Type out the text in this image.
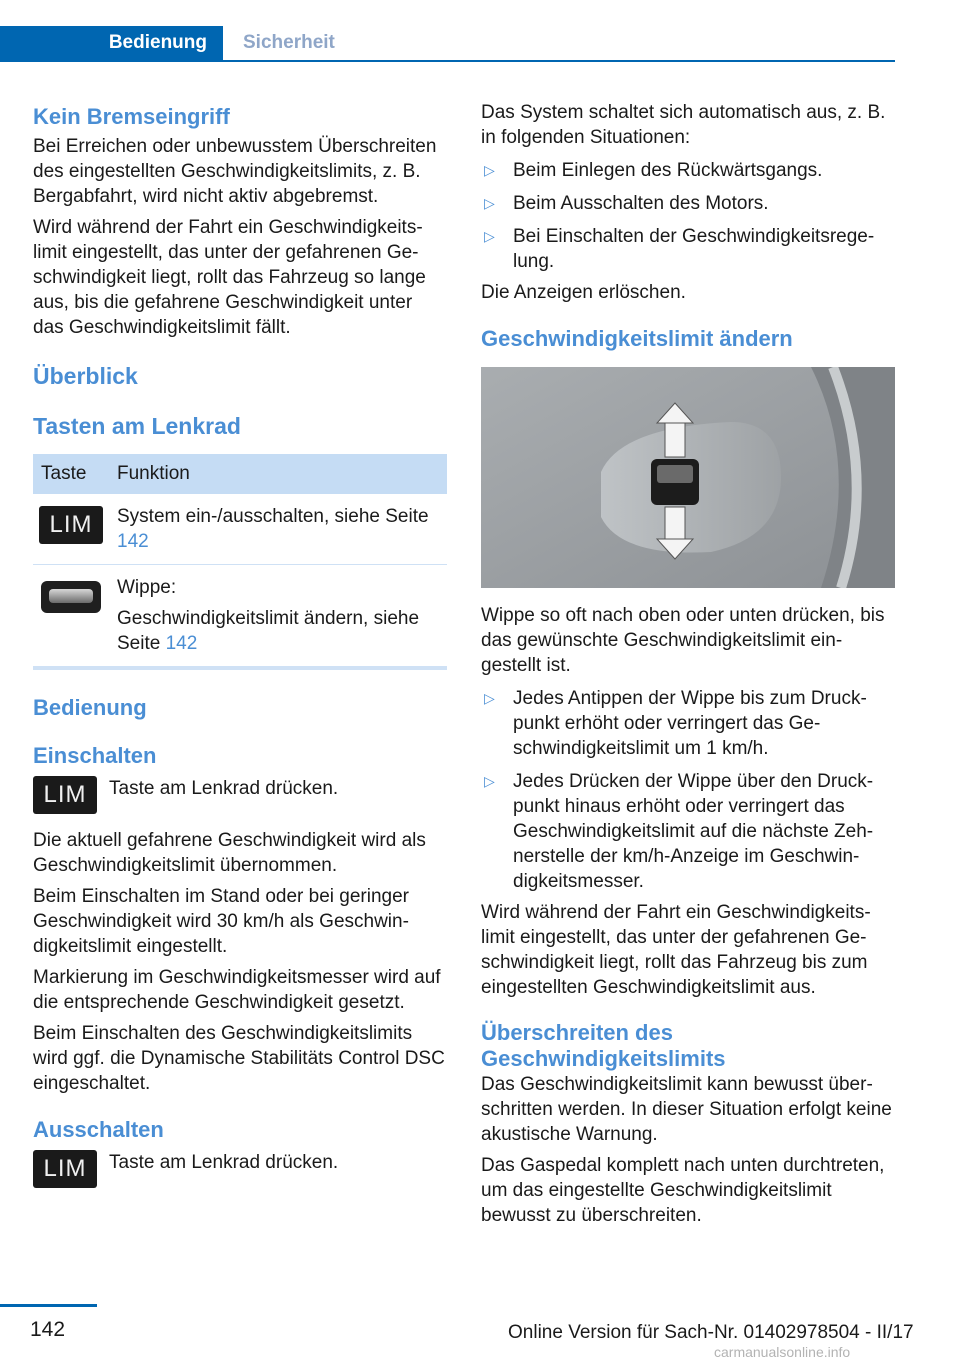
Bedienung	Sicherheit
Kein Bremseingriff

Bei Erreichen oder unbewusstem Überschreiten des eingestellten Geschwindigkeitslimits, z. B. Bergabfahrt, wird nicht aktiv abgebremst.

Wird während der Fahrt ein Geschwindigkeitslimit eingestellt, das unter der gefahrenen Geschwindigkeit liegt, rollt das Fahrzeug so lange aus, bis die gefahrene Geschwindigkeit unter das Geschwindigkeitslimit fällt.

Überblick
Tasten am Lenkrad
Taste	Funktion
LIM	System ein-/ausschalten, siehe Seite 142

Wippe:

Geschwindigkeitslimit ändern, siehe Seite 142

Bedienung
Einschalten
LIM	Taste am Lenkrad drücken.

Die aktuell gefahrene Geschwindigkeit wird als Geschwindigkeitslimit übernommen.

Beim Einschalten im Stand oder bei geringer Geschwindigkeit wird 30 km/h als Geschwindigkeitslimit eingestellt.

Markierung im Geschwindigkeitsmesser wird auf die entsprechende Geschwindigkeit gesetzt.

Beim Einschalten des Geschwindigkeitslimits wird ggf. die Dynamische Stabilitäts Control DSC eingeschaltet.

Ausschalten
LIM	Taste am Lenkrad drücken.

Das System schaltet sich automatisch aus, z. B. in folgenden Situationen:

▷ Beim Einlegen des Rückwärtsgangs.

▷ Beim Ausschalten des Motors.

▷ Bei Einschalten der Geschwindigkeitsregelung.

Die Anzeigen erlöschen.

Geschwindigkeitslimit ändern

Wippe so oft nach oben oder unten drücken, bis das gewünschte Geschwindigkeitslimit eingestellt ist.

▷ Jedes Antippen der Wippe bis zum Druckpunkt erhöht oder verringert das Geschwindigkeitslimit um 1 km/h.

▷ Jedes Drücken der Wippe über den Druckpunkt hinaus erhöht oder verringert das Geschwindigkeitslimit auf die nächste Zehnerstelle der km/h-Anzeige im Geschwindigkeitsmesser.

Wird während der Fahrt ein Geschwindigkeitslimit eingestellt, das unter der gefahrenen Geschwindigkeit liegt, rollt das Fahrzeug bis zum eingestellten Geschwindigkeitslimit aus.

Überschreiten des
Geschwindigkeitslimits

Das Geschwindigkeitslimit kann bewusst überschritten werden. In dieser Situation erfolgt keine akustische Warnung.

Das Gaspedal komplett nach unten durchtreten, um das eingestellte Geschwindigkeitslimit bewusst zu überschreiten.

142	Online Version für Sach-Nr. 01402978504 - II/17
carmanualsonline.info
